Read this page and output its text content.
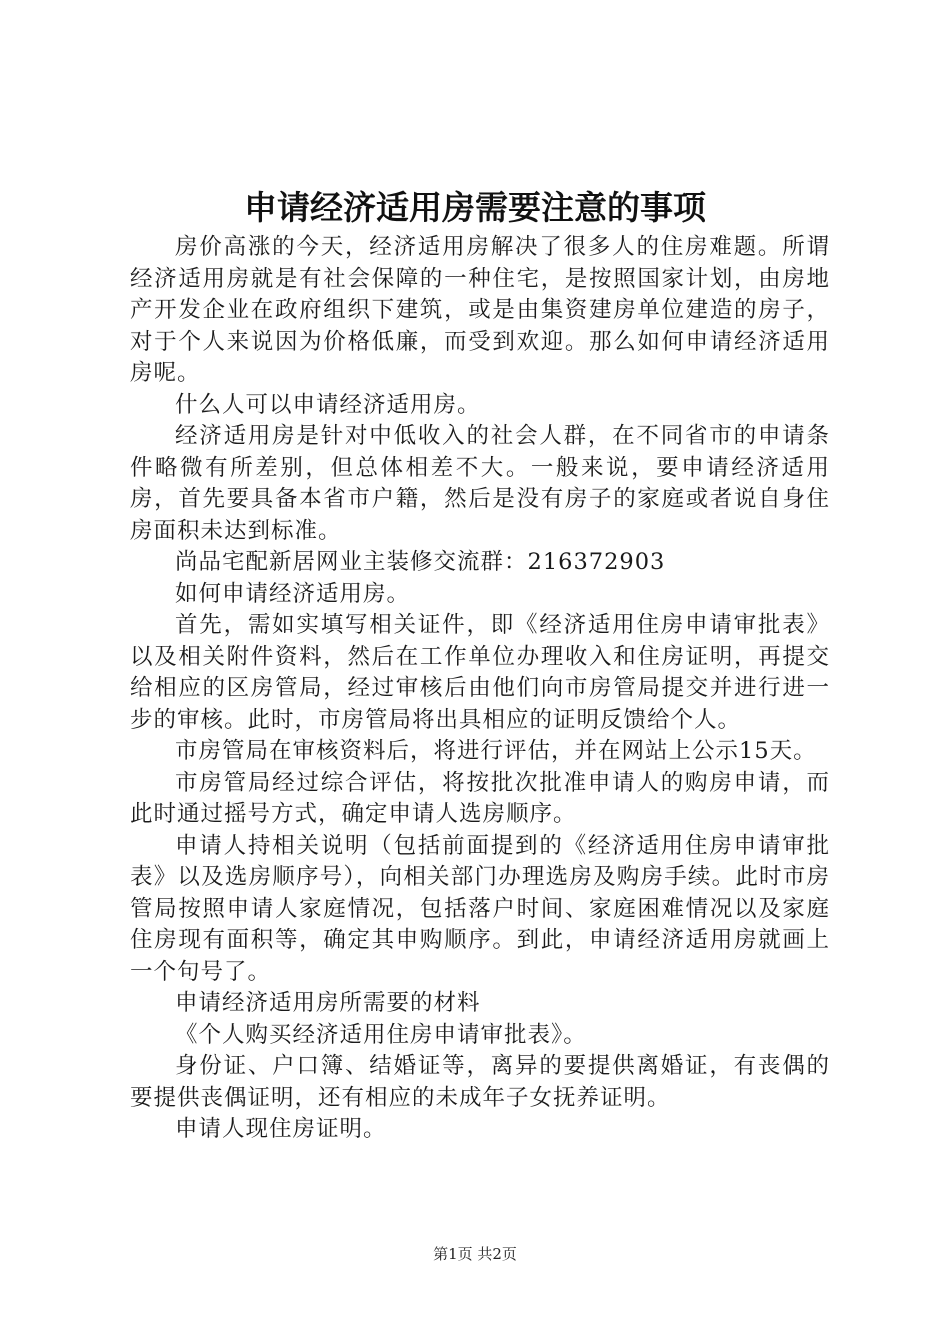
申请经济适用房需要注意的事项

房价高涨的今天，经济适用房解决了很多人的住房难题。所谓经济适用房就是有社会保障的一种住宅，是按照国家计划，由房地产开发企业在政府组织下建筑，或是由集资建房单位建造的房子，对于个人来说因为价格低廉，而受到欢迎。那么如何申请经济适用房呢。

什么人可以申请经济适用房。

经济适用房是针对中低收入的社会人群，在不同省市的申请条件略微有所差别，但总体相差不大。一般来说，要申请经济适用房，首先要具备本省市户籍，然后是没有房子的家庭或者说自身住房面积未达到标准。

尚品宅配新居网业主装修交流群：216372903

如何申请经济适用房。

首先，需如实填写相关证件，即《经济适用住房申请审批表》以及相关附件资料，然后在工作单位办理收入和住房证明，再提交给相应的区房管局，经过审核后由他们向市房管局提交并进行进一步的审核。此时，市房管局将出具相应的证明反馈给个人。

市房管局在审核资料后，将进行评估，并在网站上公示15天。

市房管局经过综合评估，将按批次批准申请人的购房申请，而此时通过摇号方式，确定申请人选房顺序。

申请人持相关说明（包括前面提到的《经济适用住房申请审批表》以及选房顺序号），向相关部门办理选房及购房手续。此时市房管局按照申请人家庭情况，包括落户时间、家庭困难情况以及家庭住房现有面积等，确定其申购顺序。到此，申请经济适用房就画上一个句号了。

申请经济适用房所需要的材料

《个人购买经济适用住房申请审批表》。

身份证、户口簿、结婚证等，离异的要提供离婚证，有丧偶的要提供丧偶证明，还有相应的未成年子女抚养证明。

申请人现住房证明。

第1页 共2页
